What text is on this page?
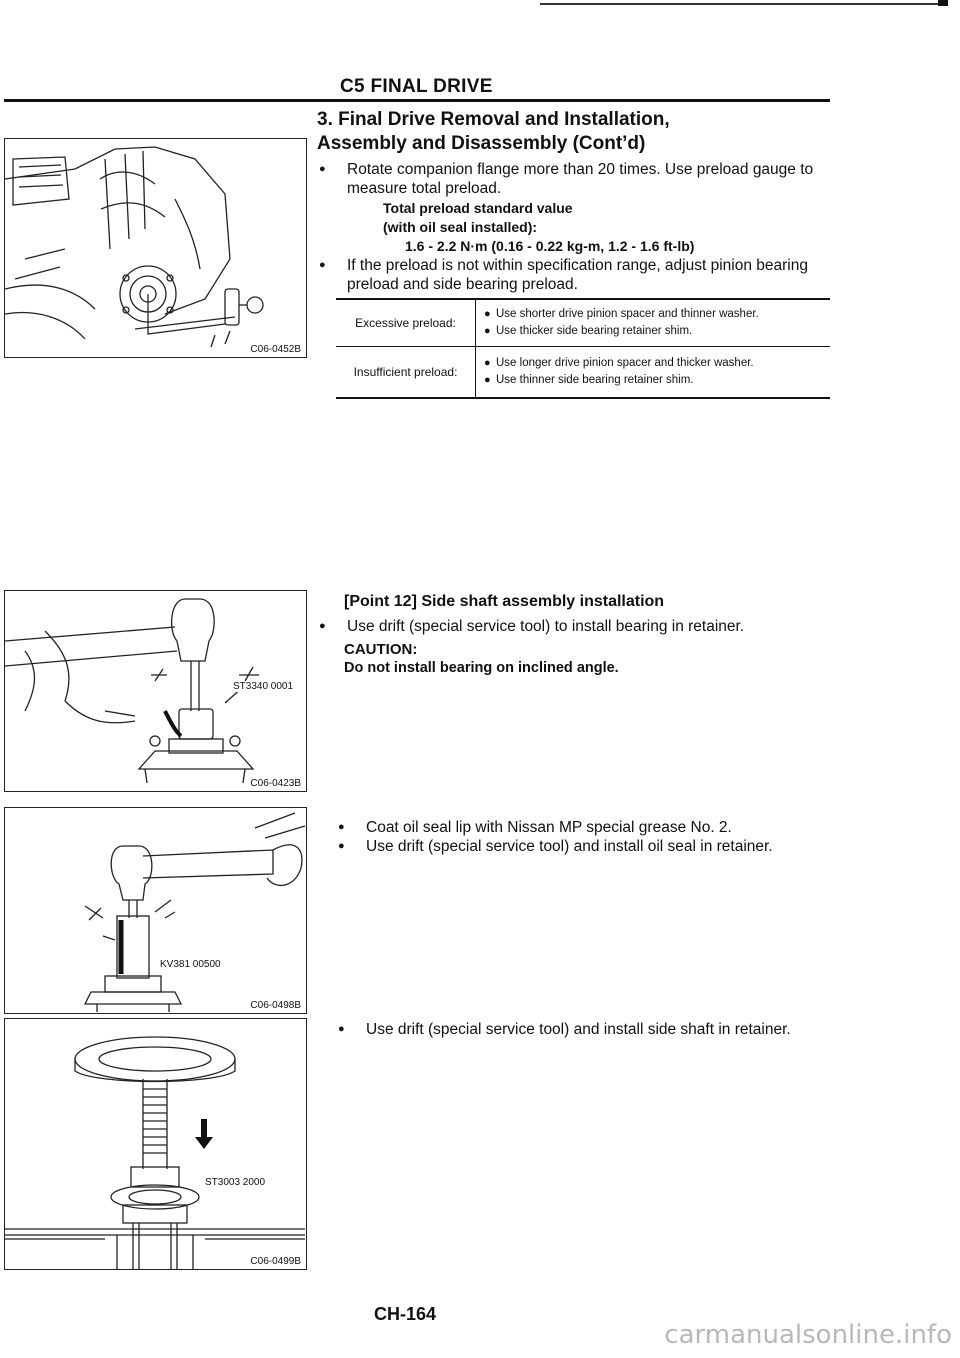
C5 FINAL DRIVE
3. Final Drive Removal and Installation,
Assembly and Disassembly (Cont’d)
● Rotate companion flange more than 20 times. Use preload gauge to measure total preload.
Total preload standard value
(with oil seal installed):
1.6 - 2.2 N·m (0.16 - 0.22 kg-m, 1.2 - 1.6 ft-lb)
● If the preload is not within specification range, adjust pinion bearing preload and side bearing preload.
Excessive preload:	● Use shorter drive pinion spacer and thinner washer.
● Use thicker side bearing retainer shim.

Insufficient preload:	● Use longer drive pinion spacer and thicker washer.
● Use thinner side bearing retainer shim.
C06-0452B
ST3340 0001
C06-0423B
KV381 00500
C06-0498B
ST3003 2000
C06-0499B
[Point 12] Side shaft assembly installation
● Use drift (special service tool) to install bearing in retainer.
CAUTION:
Do not install bearing on inclined angle.
● Coat oil seal lip with Nissan MP special grease No. 2.
● Use drift (special service tool) and install oil seal in retainer.
● Use drift (special service tool) and install side shaft in retainer.
CH-164
carmanualsonline.info
